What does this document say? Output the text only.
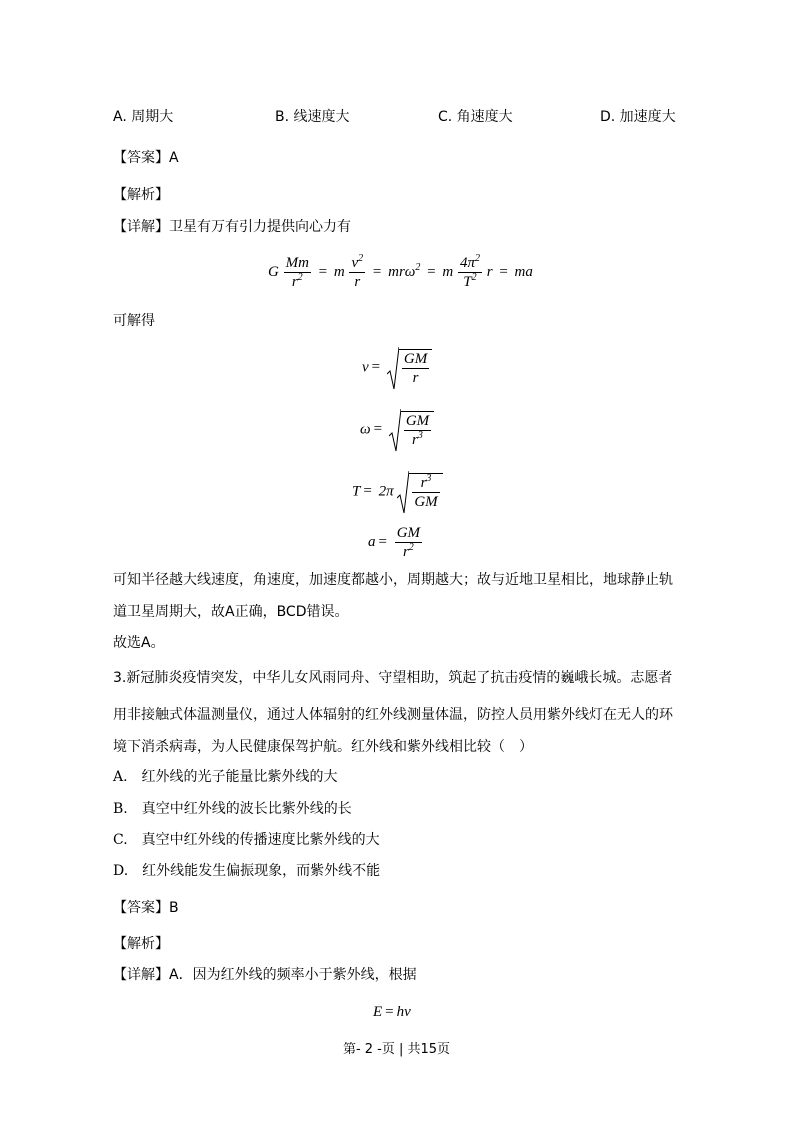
A. 周期大	B. 线速度大	C. 角速度大	D. 加速度大
【答案】A
【解析】
【详解】卫星有万有引力提供向心力有
G $\frac{Mm}{r^2} = m \frac{v^2}{r} = mr\omega^2 = m \frac{4\pi^2}{T^2}$ r = ma
可解得
$v = \frac{GM}{r}$
$\omega = \frac{GM}{r^3}$
$T = 2\pi \frac{r^3}{GM}$
$a = \frac{GM}{r^2}$
可知半径越大线速度，角速度，加速度都越小，周期越大；故与近地卫星相比，地球静止轨
道卫星周期大，故A正确，BCD错误。
故选A。
3.新冠肺炎疫情突发，中华儿女风雨同舟、守望相助，筑起了抗击疫情的巍峨长城。志愿者
用非接触式体温测量仪，通过人体辐射的红外线测量体温，防控人员用紫外线灯在无人的环
境下消杀病毒，为人民健康保驾护航。红外线和紫外线相比较（　）
A.　红外线的光子能量比紫外线的大
B.　真空中红外线的波长比紫外线的长
C.　真空中红外线的传播速度比紫外线的大
D.　红外线能发生偏振现象，而紫外线不能
【答案】B
【解析】
【详解】A．因为红外线的频率小于紫外线，根据
E = hν
第- 2 -页 | 共15页
